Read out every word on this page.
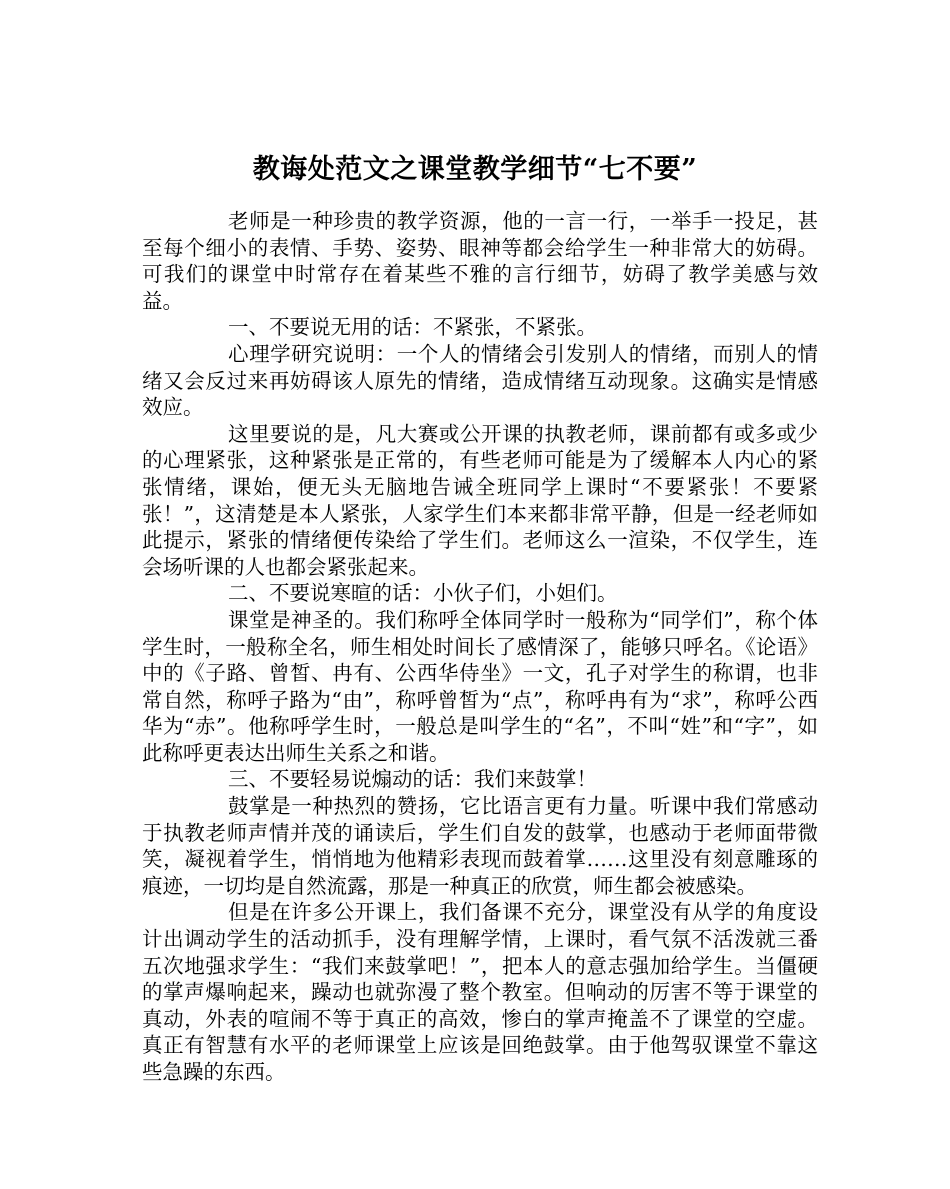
教诲处范文之课堂教学细节“七不要”

老师是一种珍贵的教学资源，他的一言一行，一举手一投足，甚至每个细小的表情、手势、姿势、眼神等都会给学生一种非常大的妨碍。可我们的课堂中时常存在着某些不雅的言行细节，妨碍了教学美感与效益。

一、不要说无用的话：不紧张，不紧张。

心理学研究说明：一个人的情绪会引发别人的情绪，而别人的情绪又会反过来再妨碍该人原先的情绪，造成情绪互动现象。这确实是情感效应。

这里要说的是，凡大赛或公开课的执教老师，课前都有或多或少的心理紧张，这种紧张是正常的，有些老师可能是为了缓解本人内心的紧张情绪，课始，便无头无脑地告诫全班同学上课时“不要紧张！不要紧张！”，这清楚是本人紧张，人家学生们本来都非常平静，但是一经老师如此提示，紧张的情绪便传染给了学生们。老师这么一渲染，不仅学生，连会场听课的人也都会紧张起来。

二、不要说寒暄的话：小伙子们，小妲们。

课堂是神圣的。我们称呼全体同学时一般称为“同学们”，称个体学生时，一般称全名，师生相处时间长了感情深了，能够只呼名。《论语》中的《子路、曾皙、冉有、公西华侍坐》一文，孔子对学生的称谓，也非常自然，称呼子路为“由”，称呼曾皙为“点”，称呼冉有为“求”，称呼公西华为“赤”。他称呼学生时，一般总是叫学生的“名”，不叫“姓”和“字”，如此称呼更表达出师生关系之和谐。

三、不要轻易说煽动的话：我们来鼓掌！

鼓掌是一种热烈的赞扬，它比语言更有力量。听课中我们常感动于执教老师声情并茂的诵读后，学生们自发的鼓掌，也感动于老师面带微笑，凝视着学生，悄悄地为他精彩表现而鼓着掌……这里没有刻意雕琢的痕迹，一切均是自然流露，那是一种真正的欣赏，师生都会被感染。

但是在许多公开课上，我们备课不充分，课堂没有从学的角度设计出调动学生的活动抓手，没有理解学情，上课时，看气氛不活泼就三番五次地强求学生：“我们来鼓掌吧！”，把本人的意志强加给学生。当僵硬的掌声爆响起来，躁动也就弥漫了整个教室。但响动的厉害不等于课堂的真动，外表的喧闹不等于真正的高效，惨白的掌声掩盖不了课堂的空虚。真正有智慧有水平的老师课堂上应该是回绝鼓掌。由于他驾驭课堂不靠这些急躁的东西。
